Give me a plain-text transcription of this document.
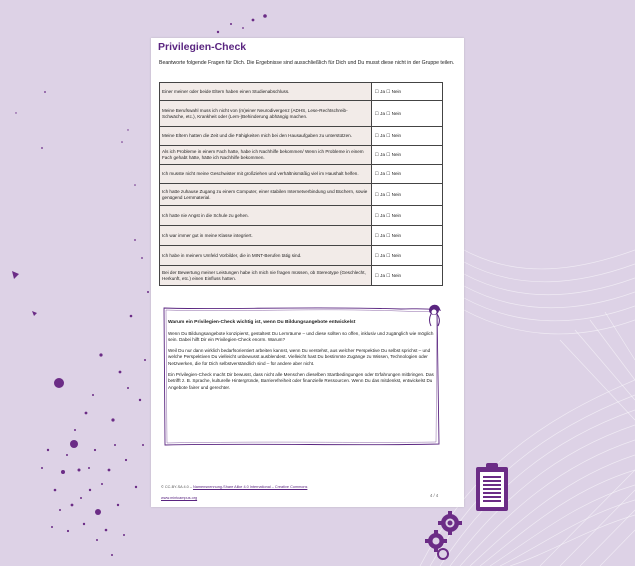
Privilegien-Check
Beantworte folgende Fragen für Dich. Die Ergebnisse sind ausschließlich für Dich und Du musst diese nicht in der Gruppe teilen.
Einer meiner oder beide Eltern haben einen Studienabschluss.	☐ Ja ☐ Nein
Meine Berufswahl muss ich nicht von (m)einer Neurodivergenz (ADHS, Lese-Rechtschreib-Schwäche, etc.), Krankheit oder (Lern-)Behinderung abhängig machen.	☐ Ja ☐ Nein
Meine Eltern hatten die Zeit und die Fähigkeiten mich bei den Hausaufgaben zu unterstützen.	☐ Ja ☐ Nein
Als ich Probleme in einem Fach hatte, habe ich Nachhilfe bekommen/ Wenn ich Probleme in einem Fach gehabt hätte, hätte ich Nachhilfe bekommen.	☐ Ja ☐ Nein
Ich musste nicht meine Geschwister mit großziehen und verhältnismäßig viel im Haushalt helfen.	☐ Ja ☐ Nein
Ich hatte zuhause Zugang zu einem Computer, einer stabilen Internetverbindung und Büchern, sowie genügend Lernmaterial.	☐ Ja ☐ Nein
Ich hatte nie Angst in die Schule zu gehen.	☐ Ja ☐ Nein
Ich war immer gut in meine Klasse integriert.	☐ Ja ☐ Nein
Ich habe in meinem Umfeld Vorbilder, die in MINT-Berufen tätig sind.	☐ Ja ☐ Nein
Bei der Bewertung meiner Leistungen habe ich mich nie fragen müssen, ob Stereotype (Geschlecht, Herkunft, etc.) einen Einfluss hatten.	☐ Ja ☐ Nein
Warum ein Privilegien-Check wichtig ist, wenn Du Bildungsangebote entwickelst

Wenn Du Bildungsangebote konzipierst, gestaltest Du Lernräume – und diese sollten so offen, inklusiv und zugänglich wie möglich sein. Dabei hilft Dir ein Privilegien-Check enorm. Warum?

Weil Du nur dann wirklich bedarfsorientiert arbeiten kannst, wenn Du verstehst, aus welcher Perspektive Du selbst sprichst – und welche Perspektiven Du vielleicht unbewusst ausblendest. Vielleicht hast Du bestimmte Zugänge zu Wissen, Technologien oder Netzwerken, die für Dich selbstverständlich sind – für andere aber nicht.

Ein Privilegien-Check macht Dir bewusst, dass nicht alle Menschen dieselben Startbedingungen oder Erfahrungen mitbringen. Das betrifft z. B. Sprache, kulturelle Hintergründe, Barrierefreiheit oder finanzielle Ressourcen. Wenn Du das mitdenkst, entwickelst Du Angebote fairer und gerechter.

© CC-BY-SA 4.0 – Namensnennung-Share Alike 4.0 International – Creative Commons
www.mintcampus.org	4 / 4
